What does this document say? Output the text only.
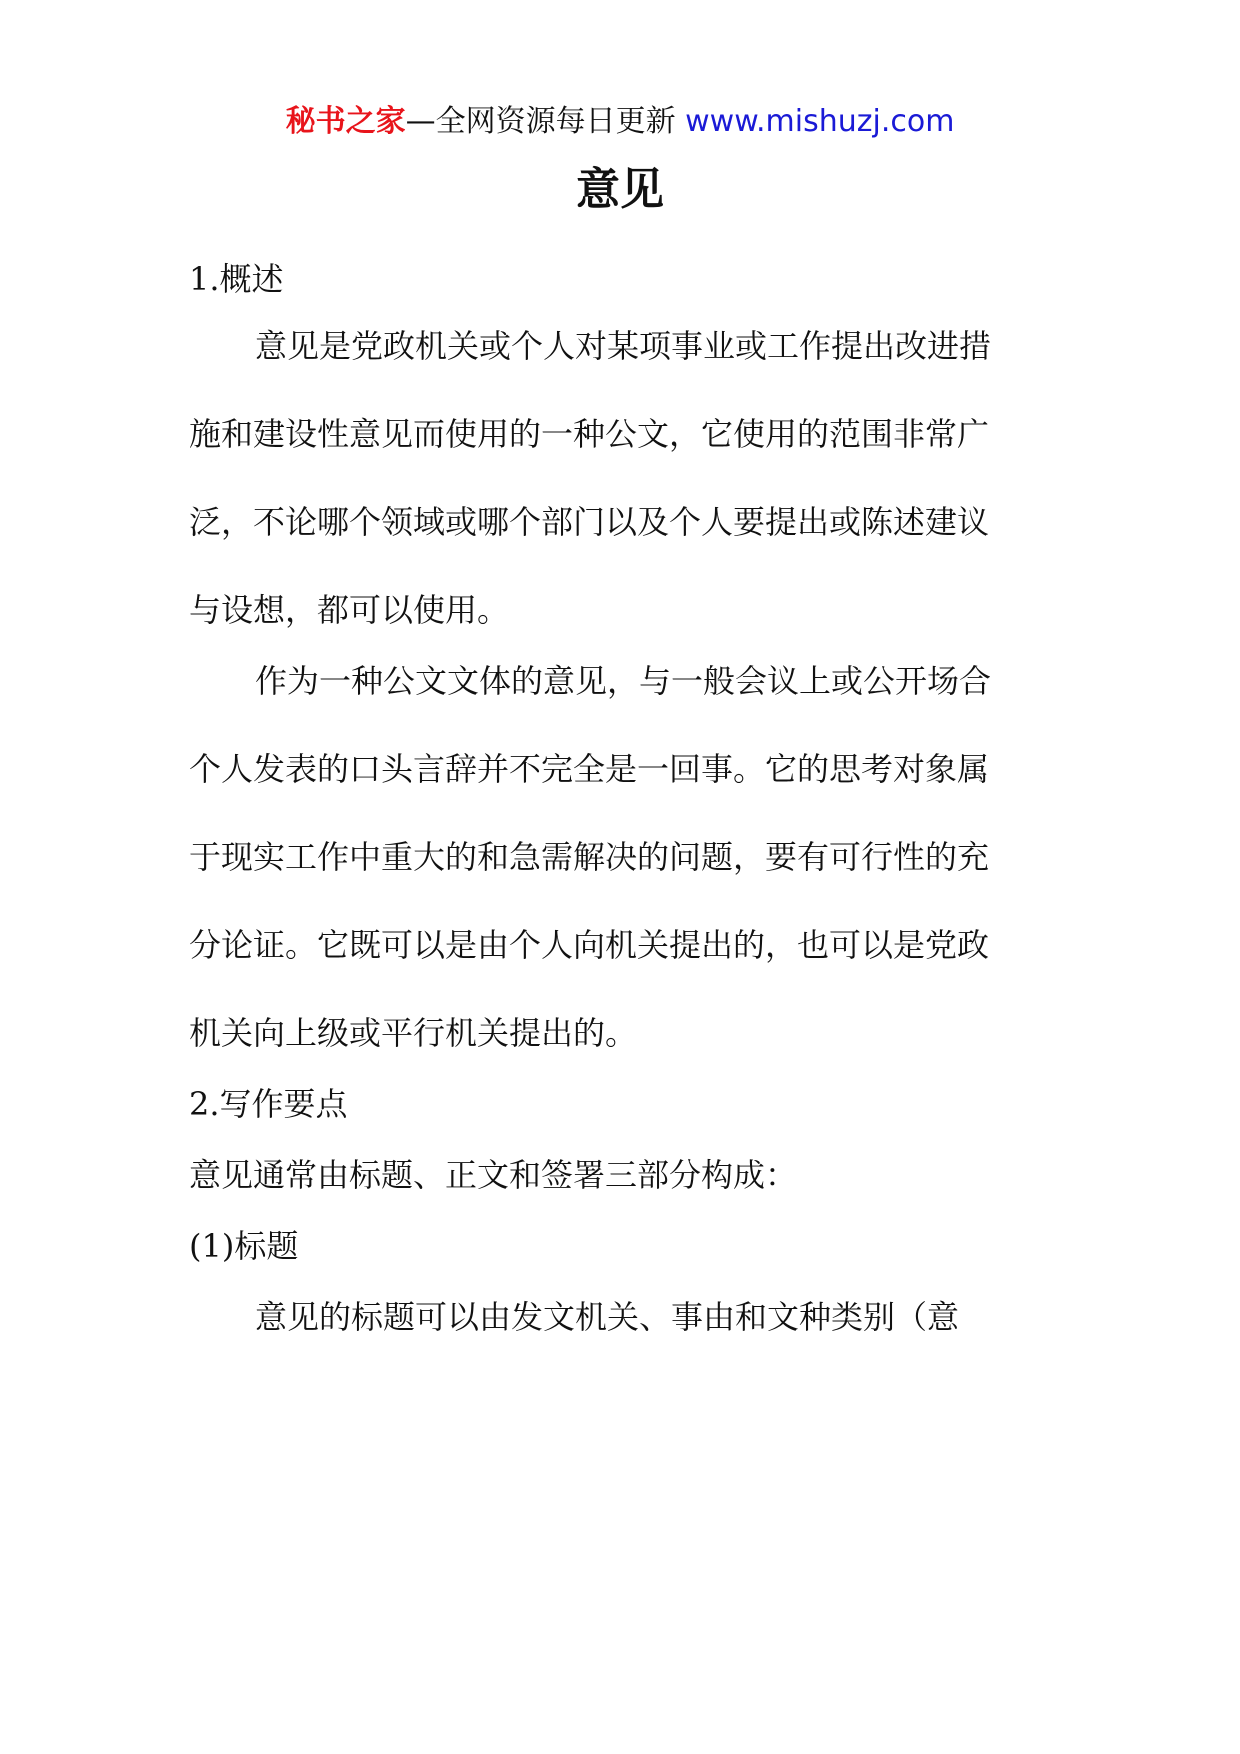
秘书之家—全网资源每日更新 www.mishuzj.com
意见
1.概述
意见是党政机关或个人对某项事业或工作提出改进措
施和建设性意见而使用的一种公文，它使用的范围非常广
泛，不论哪个领域或哪个部门以及个人要提出或陈述建议
与设想，都可以使用。
作为一种公文文体的意见，与一般会议上或公开场合
个人发表的口头言辞并不完全是一回事。它的思考对象属
于现实工作中重大的和急需解决的问题，要有可行性的充
分论证。它既可以是由个人向机关提出的，也可以是党政
机关向上级或平行机关提出的。
2.写作要点
意见通常由标题、正文和签署三部分构成：
(1)标题
意见的标题可以由发文机关、事由和文种类别（意
